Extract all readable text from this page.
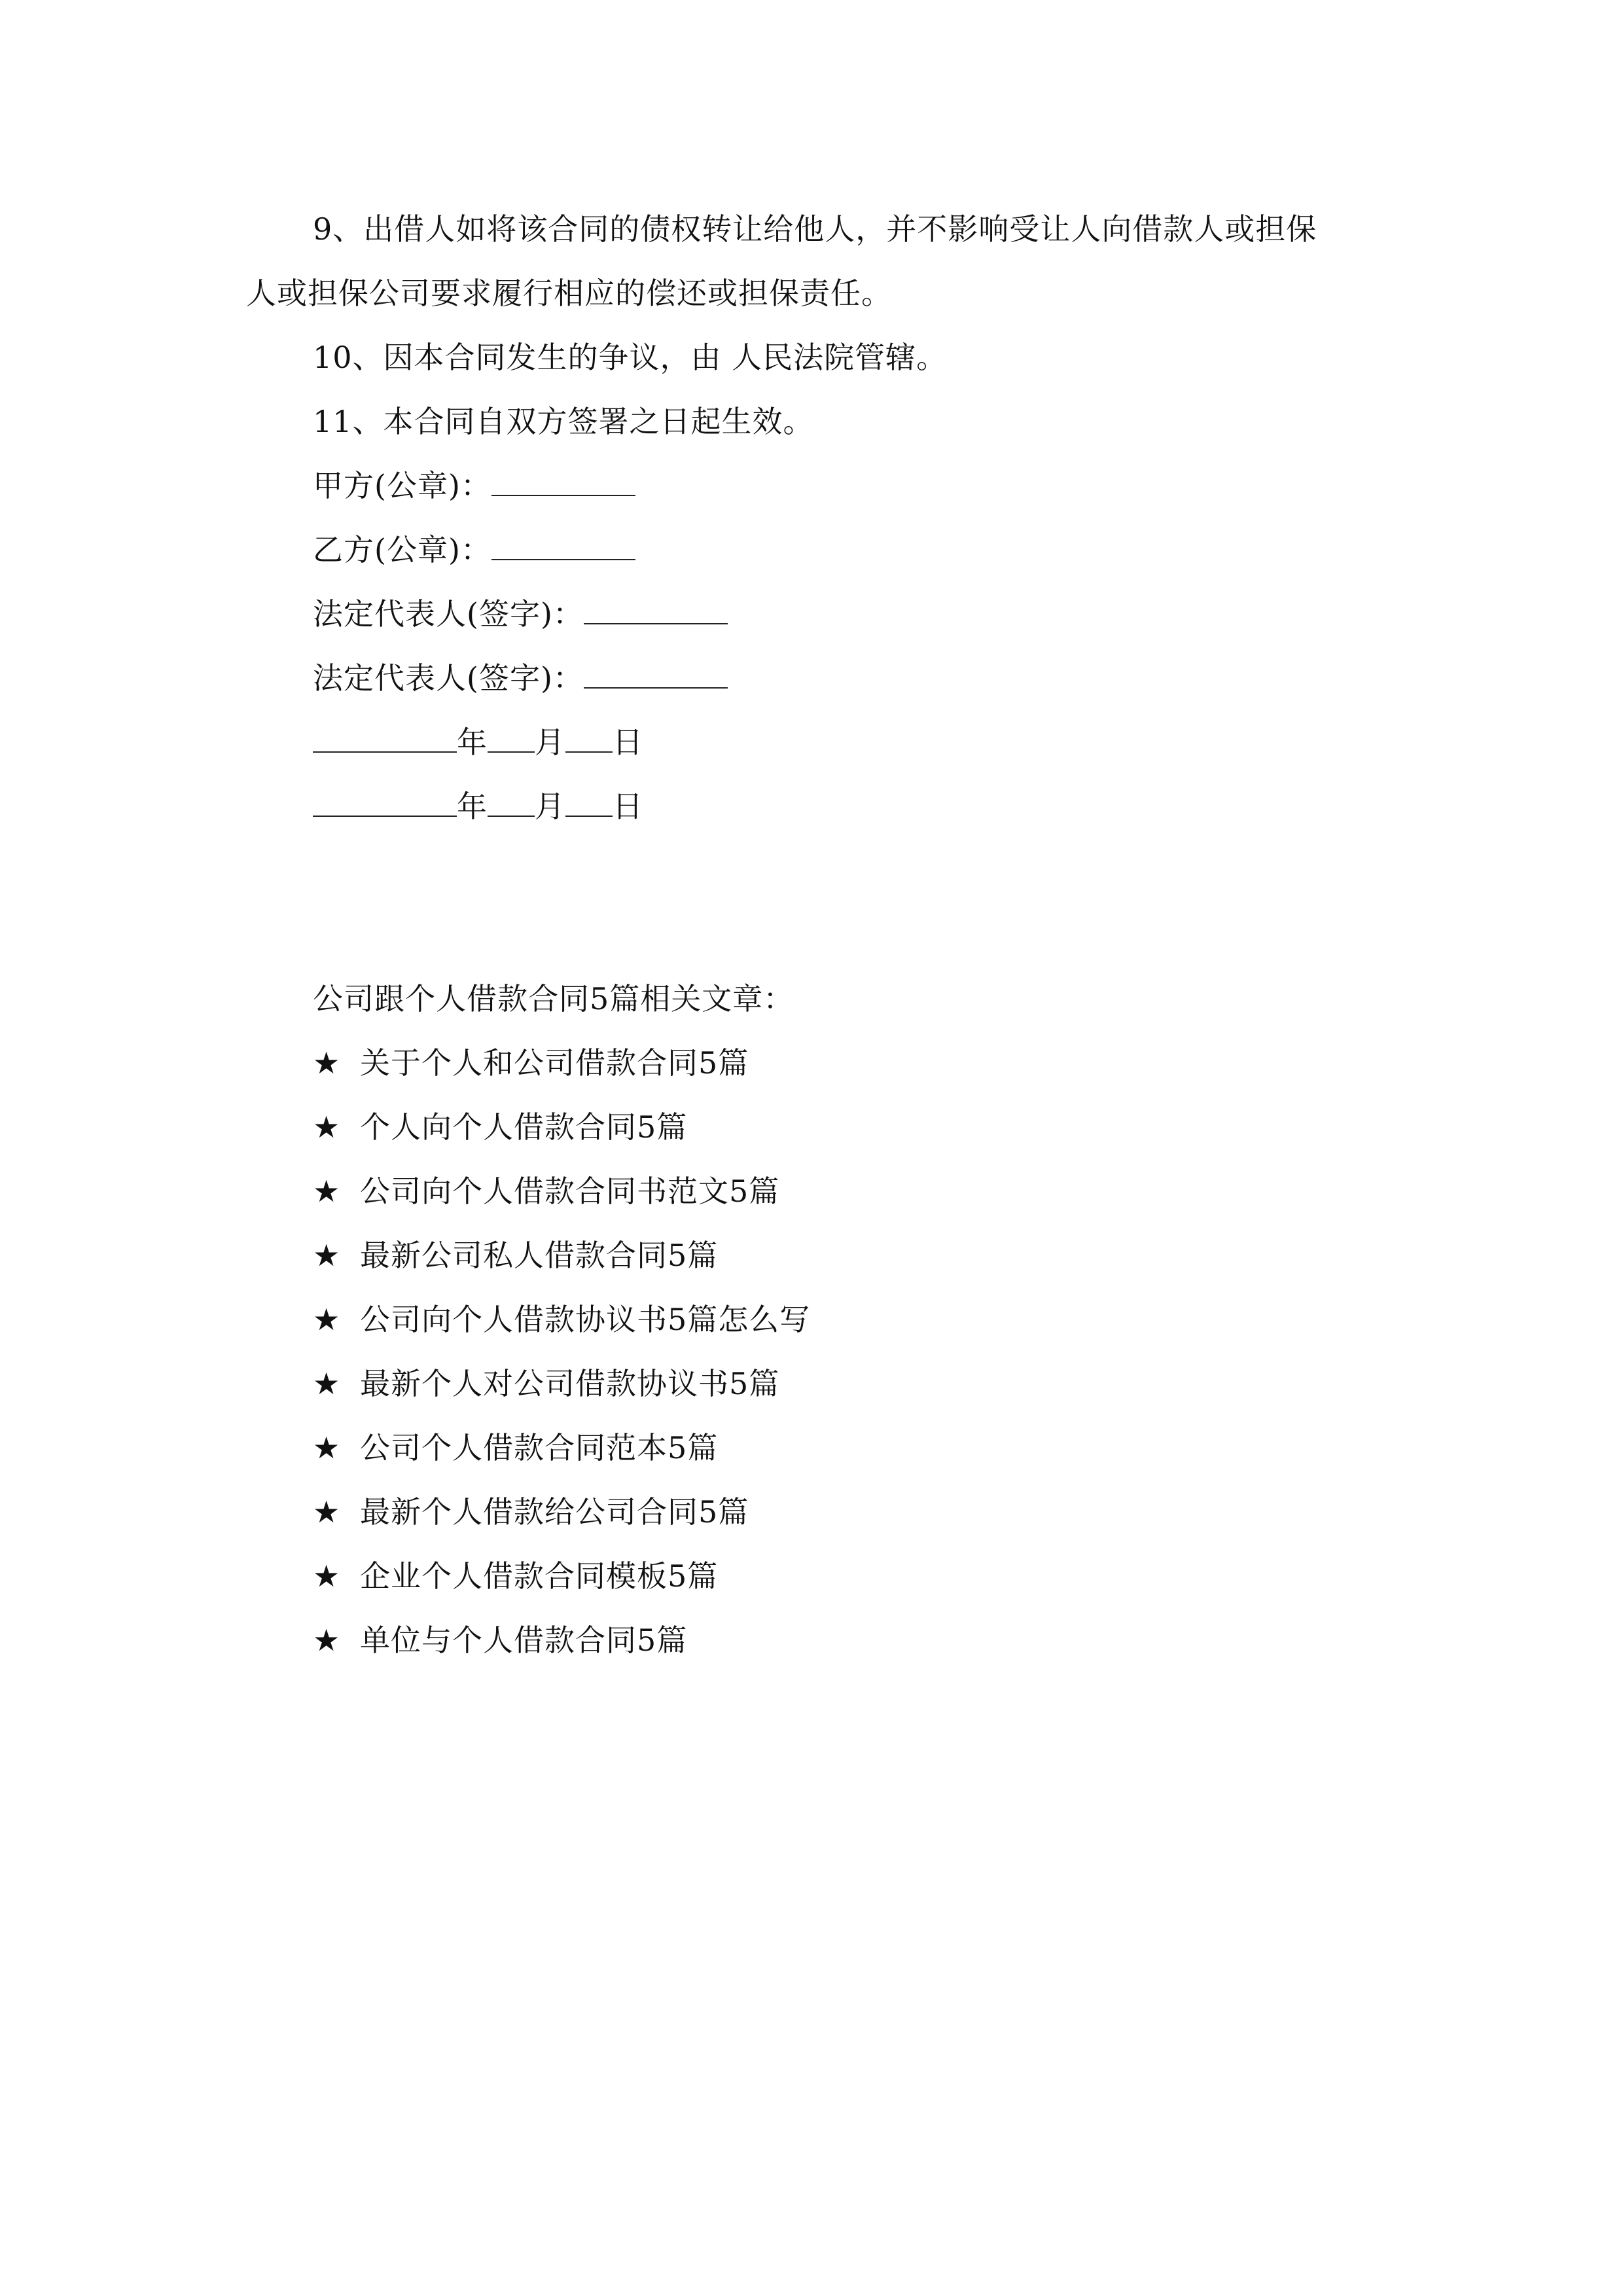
9、出借人如将该合同的债权转让给他人，并不影响受让人向借款人或担保
人或担保公司要求履行相应的偿还或担保责任。
10、因本合同发生的争议，由 人民法院管辖。
11、本合同自双方签署之日起生效。
甲方(公章)：
乙方(公章)：
法定代表人(签字)：
法定代表人(签字)：
年 月 日
年 月 日
公司跟个人借款合同5篇相关文章：
★ 关于个人和公司借款合同5篇
★ 个人向个人借款合同5篇
★ 公司向个人借款合同书范文5篇
★ 最新公司私人借款合同5篇
★ 公司向个人借款协议书5篇怎么写
★ 最新个人对公司借款协议书5篇
★ 公司个人借款合同范本5篇
★ 最新个人借款给公司合同5篇
★ 企业个人借款合同模板5篇
★ 单位与个人借款合同5篇
